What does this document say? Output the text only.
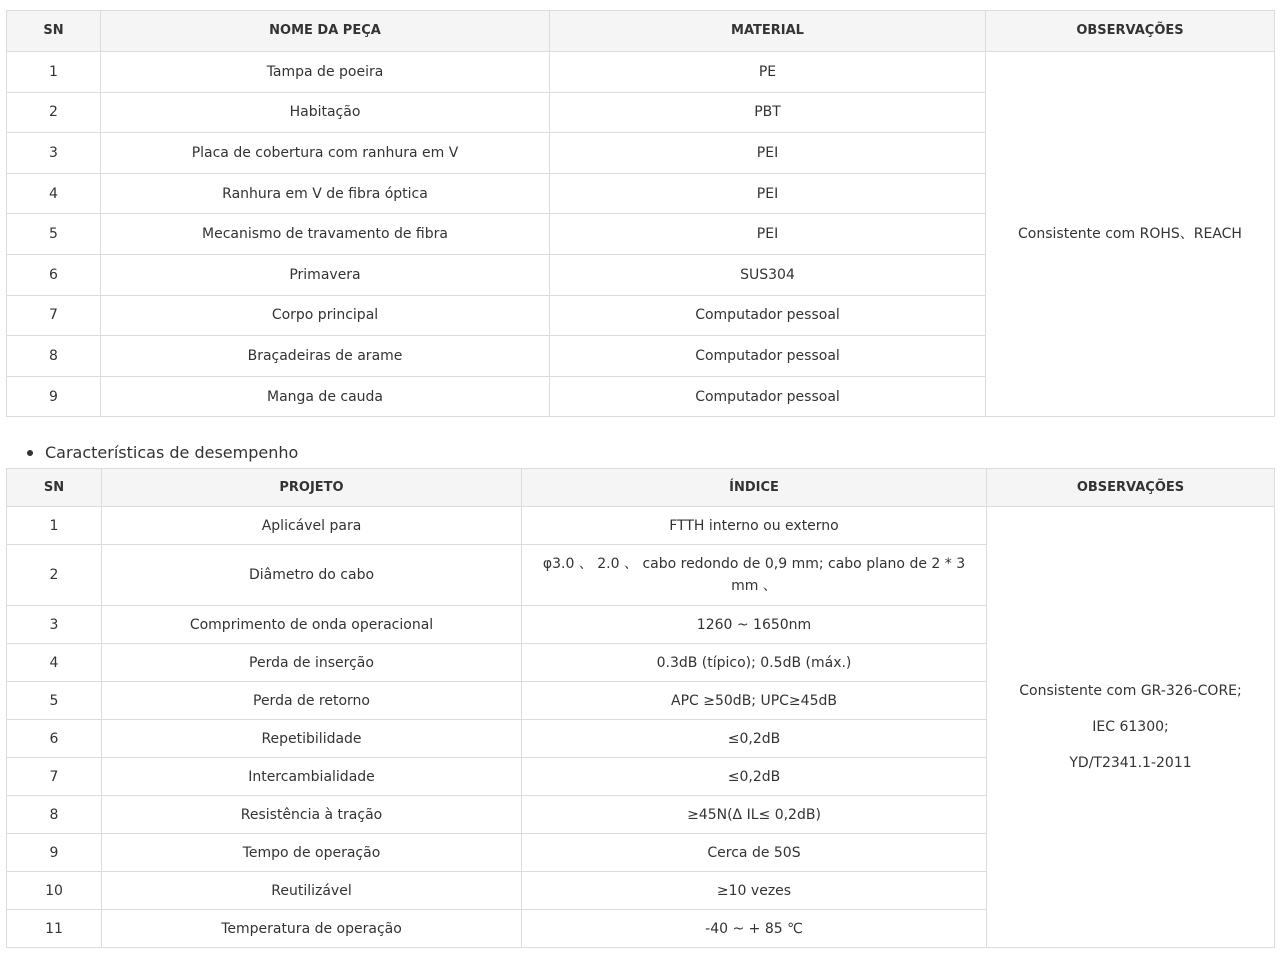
SN	NOME DA PEÇA	MATERIAL	OBSERVAÇÕES
1	Tampa de poeira	PE	Consistente com ROHS、REACH
2	Habitação	PBT	
3	Placa de cobertura com ranhura em V	PEI	
4	Ranhura em V de fibra óptica	PEI	
5	Mecanismo de travamento de fibra	PEI	
6	Primavera	SUS304	
7	Corpo principal	Computador pessoal	
8	Braçadeiras de arame	Computador pessoal	
9	Manga de cauda	Computador pessoal	
Características de desempenho
SN	PROJETO	ÍNDICE	OBSERVAÇÕES
1	Aplicável para	FTTH interno ou externo	Consistente com GR-326-CORE;

IEC 61300;

YD/T2341.1-2011

2	Diâmetro do cabo	φ3.0 、 2.0 、 cabo redondo de 0,9 mm; cabo plano de 2 * 3 mm 、	
3	Comprimento de onda operacional	1260 ~ 1650nm	
4	Perda de inserção	0.3dB (típico); 0.5dB (máx.)	
5	Perda de retorno	APC ≥50dB; UPC≥45dB	
6	Repetibilidade	≤0,2dB	
7	Intercambialidade	≤0,2dB	
8	Resistência à tração	≥45N(Δ IL≤ 0,2dB)	
9	Tempo de operação	Cerca de 50S	
10	Reutilizável	≥10 vezes	
11	Temperatura de operação	-40 ~ + 85 ℃	
